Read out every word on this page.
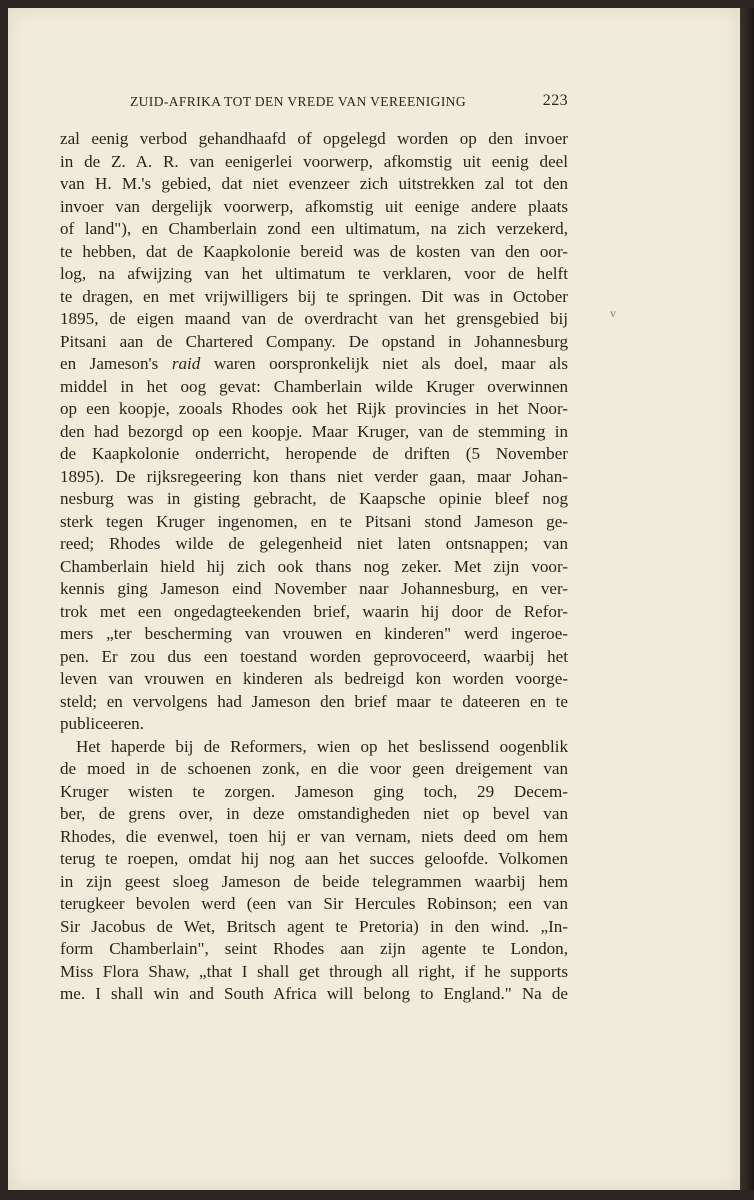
ZUID-AFRIKA TOT DEN VREDE VAN VEREENIGING	223
v
zal eenig verbod gehandhaafd of opgelegd worden op den invoer
in de Z. A. R. van eenigerlei voorwerp, afkomstig uit eenig deel
van H. M.'s gebied, dat niet evenzeer zich uitstrekken zal tot den
invoer van dergelijk voorwerp, afkomstig uit eenige andere plaats
of land"), en Chamberlain zond een ultimatum, na zich verzekerd,
te hebben, dat de Kaapkolonie bereid was de kosten van den oor-
log, na afwijzing van het ultimatum te verklaren, voor de helft
te dragen, en met vrijwilligers bij te springen. Dit was in October
1895, de eigen maand van de overdracht van het grensgebied bij
Pitsani aan de Chartered Company. De opstand in Johannesburg
en Jameson's raid waren oorspronkelijk niet als doel, maar als
middel in het oog gevat: Chamberlain wilde Kruger overwinnen
op een koopje, zooals Rhodes ook het Rijk provincies in het Noor-
den had bezorgd op een koopje. Maar Kruger, van de stemming in
de Kaapkolonie onderricht, heropende de driften (5 November
1895). De rijksregeering kon thans niet verder gaan, maar Johan-
nesburg was in gisting gebracht, de Kaapsche opinie bleef nog
sterk tegen Kruger ingenomen, en te Pitsani stond Jameson ge-
reed; Rhodes wilde de gelegenheid niet laten ontsnappen; van
Chamberlain hield hij zich ook thans nog zeker. Met zijn voor-
kennis ging Jameson eind November naar Johannesburg, en ver-
trok met een ongedagteekenden brief, waarin hij door de Refor-
mers „ter bescherming van vrouwen en kinderen" werd ingeroe-
pen. Er zou dus een toestand worden geprovoceerd, waarbij het
leven van vrouwen en kinderen als bedreigd kon worden voorge-
steld; en vervolgens had Jameson den brief maar te dateeren en te
publiceeren.
Het haperde bij de Reformers, wien op het beslissend oogenblik
de moed in de schoenen zonk, en die voor geen dreigement van
Kruger wisten te zorgen. Jameson ging toch, 29 Decem-
ber, de grens over, in deze omstandigheden niet op bevel van
Rhodes, die evenwel, toen hij er van vernam, niets deed om hem
terug te roepen, omdat hij nog aan het succes geloofde. Volkomen
in zijn geest sloeg Jameson de beide telegrammen waarbij hem
terugkeer bevolen werd (een van Sir Hercules Robinson; een van
Sir Jacobus de Wet, Britsch agent te Pretoria) in den wind. „In-
form Chamberlain", seint Rhodes aan zijn agente te London,
Miss Flora Shaw, „that I shall get through all right, if he supports
me. I shall win and South Africa will belong to England." Na de
